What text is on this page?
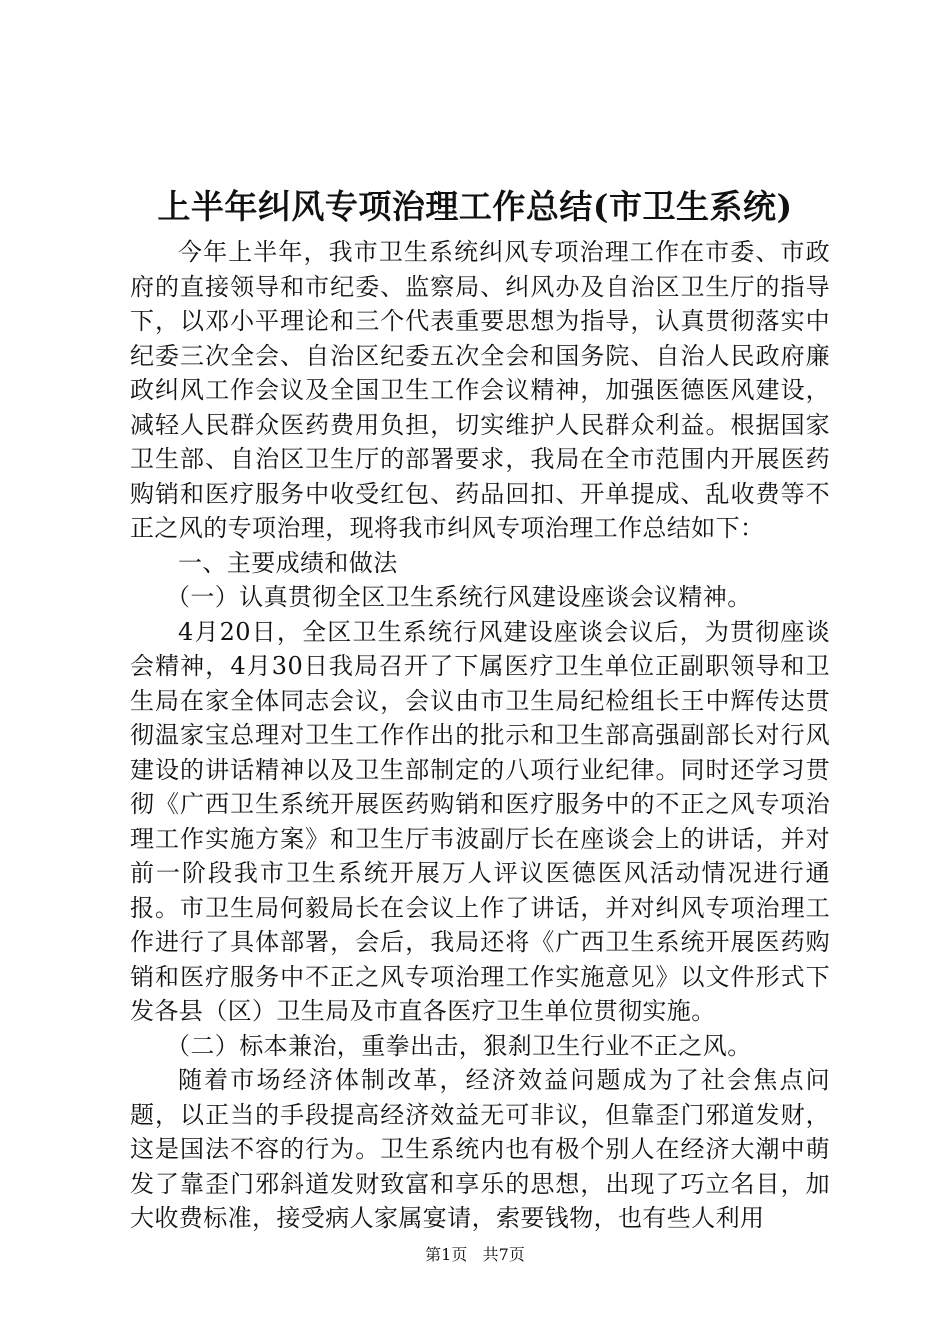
上半年纠风专项治理工作总结(市卫生系统)

今年上半年，我市卫生系统纠风专项治理工作在市委、市政府的直接领导和市纪委、监察局、纠风办及自治区卫生厅的指导下，以邓小平理论和三个代表重要思想为指导，认真贯彻落实中纪委三次全会、自治区纪委五次全会和国务院、自治人民政府廉政纠风工作会议及全国卫生工作会议精神，加强医德医风建设，减轻人民群众医药费用负担，切实维护人民群众利益。根据国家卫生部、自治区卫生厅的部署要求，我局在全市范围内开展医药购销和医疗服务中收受红包、药品回扣、开单提成、乱收费等不正之风的专项治理，现将我市纠风专项治理工作总结如下：

一、主要成绩和做法

（一）认真贯彻全区卫生系统行风建设座谈会议精神。

4月20日，全区卫生系统行风建设座谈会议后，为贯彻座谈会精神，4月30日我局召开了下属医疗卫生单位正副职领导和卫生局在家全体同志会议，会议由市卫生局纪检组长王中辉传达贯彻温家宝总理对卫生工作作出的批示和卫生部高强副部长对行风建设的讲话精神以及卫生部制定的八项行业纪律。同时还学习贯彻《广西卫生系统开展医药购销和医疗服务中的不正之风专项治理工作实施方案》和卫生厅韦波副厅长在座谈会上的讲话，并对前一阶段我市卫生系统开展万人评议医德医风活动情况进行通报。市卫生局何毅局长在会议上作了讲话，并对纠风专项治理工作进行了具体部署，会后，我局还将《广西卫生系统开展医药购销和医疗服务中不正之风专项治理工作实施意见》以文件形式下发各县（区）卫生局及市直各医疗卫生单位贯彻实施。

（二）标本兼治，重拳出击，狠刹卫生行业不正之风。

随着市场经济体制改革，经济效益问题成为了社会焦点问题，以正当的手段提高经济效益无可非议，但靠歪门邪道发财，这是国法不容的行为。卫生系统内也有极个别人在经济大潮中萌发了靠歪门邪斜道发财致富和享乐的思想，出现了巧立名目，加大收费标准，接受病人家属宴请，索要钱物，也有些人利用

第1页 共7页
